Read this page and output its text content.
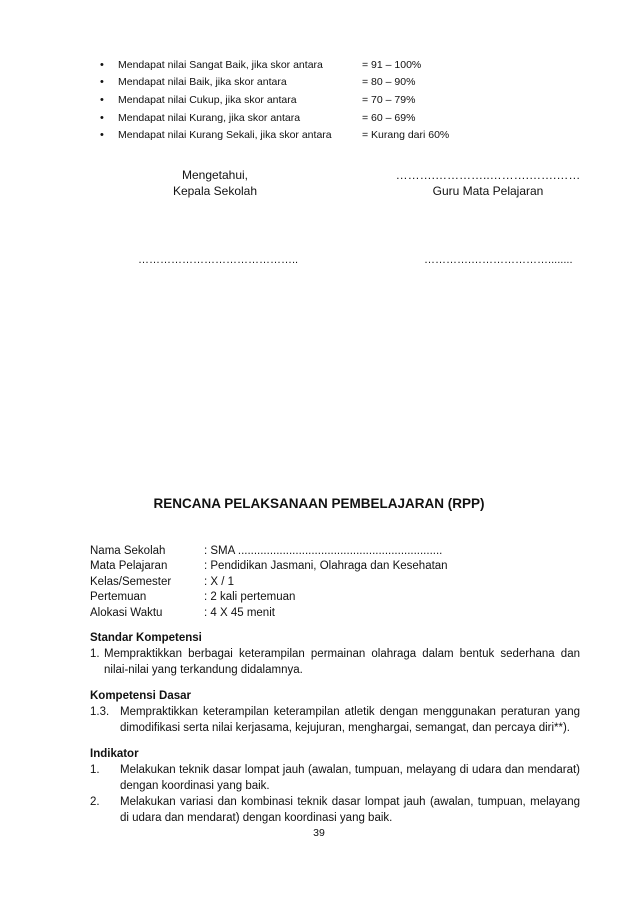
•	Mendapat nilai Sangat Baik, jika skor antara	= 91 – 100%
•	Mendapat nilai Baik, jika skor antara	= 80 – 90%
•	Mendapat nilai Cukup, jika skor antara	= 70 – 79%
•	Mendapat nilai Kurang, jika skor antara	= 60 – 69%
•	Mendapat nilai Kurang Sekali, jika skor antara	= Kurang dari 60%
Mengetahui,
Kepala Sekolah
……….…………..……….…….……
Guru Mata Pelajaran
……………………………………..	………….…………………........
RENCANA PELAKSANAAN PEMBELAJARAN (RPP)
Nama Sekolah	: SMA ................................................................
Mata Pelajaran	: Pendidikan Jasmani, Olahraga dan Kesehatan
Kelas/Semester	: X / 1
Pertemuan	: 2 kali pertemuan
Alokasi Waktu	: 4 X 45 menit
Standar Kompetensi
1. Mempraktikkan berbagai keterampilan permainan olahraga dalam bentuk sederhana dan nilai-nilai yang terkandung didalamnya.
Kompetensi Dasar
1.3. Mempraktikkan keterampilan keterampilan atletik dengan menggunakan peraturan yang dimodifikasi serta nilai kerjasama, kejujuran, menghargai, semangat, dan percaya diri**).
Indikator
1.	Melakukan teknik dasar lompat jauh (awalan, tumpuan, melayang di udara dan mendarat) dengan koordinasi yang baik.
2.	Melakukan variasi dan kombinasi teknik dasar lompat jauh (awalan, tumpuan, melayang di udara dan mendarat) dengan koordinasi yang baik.
39
